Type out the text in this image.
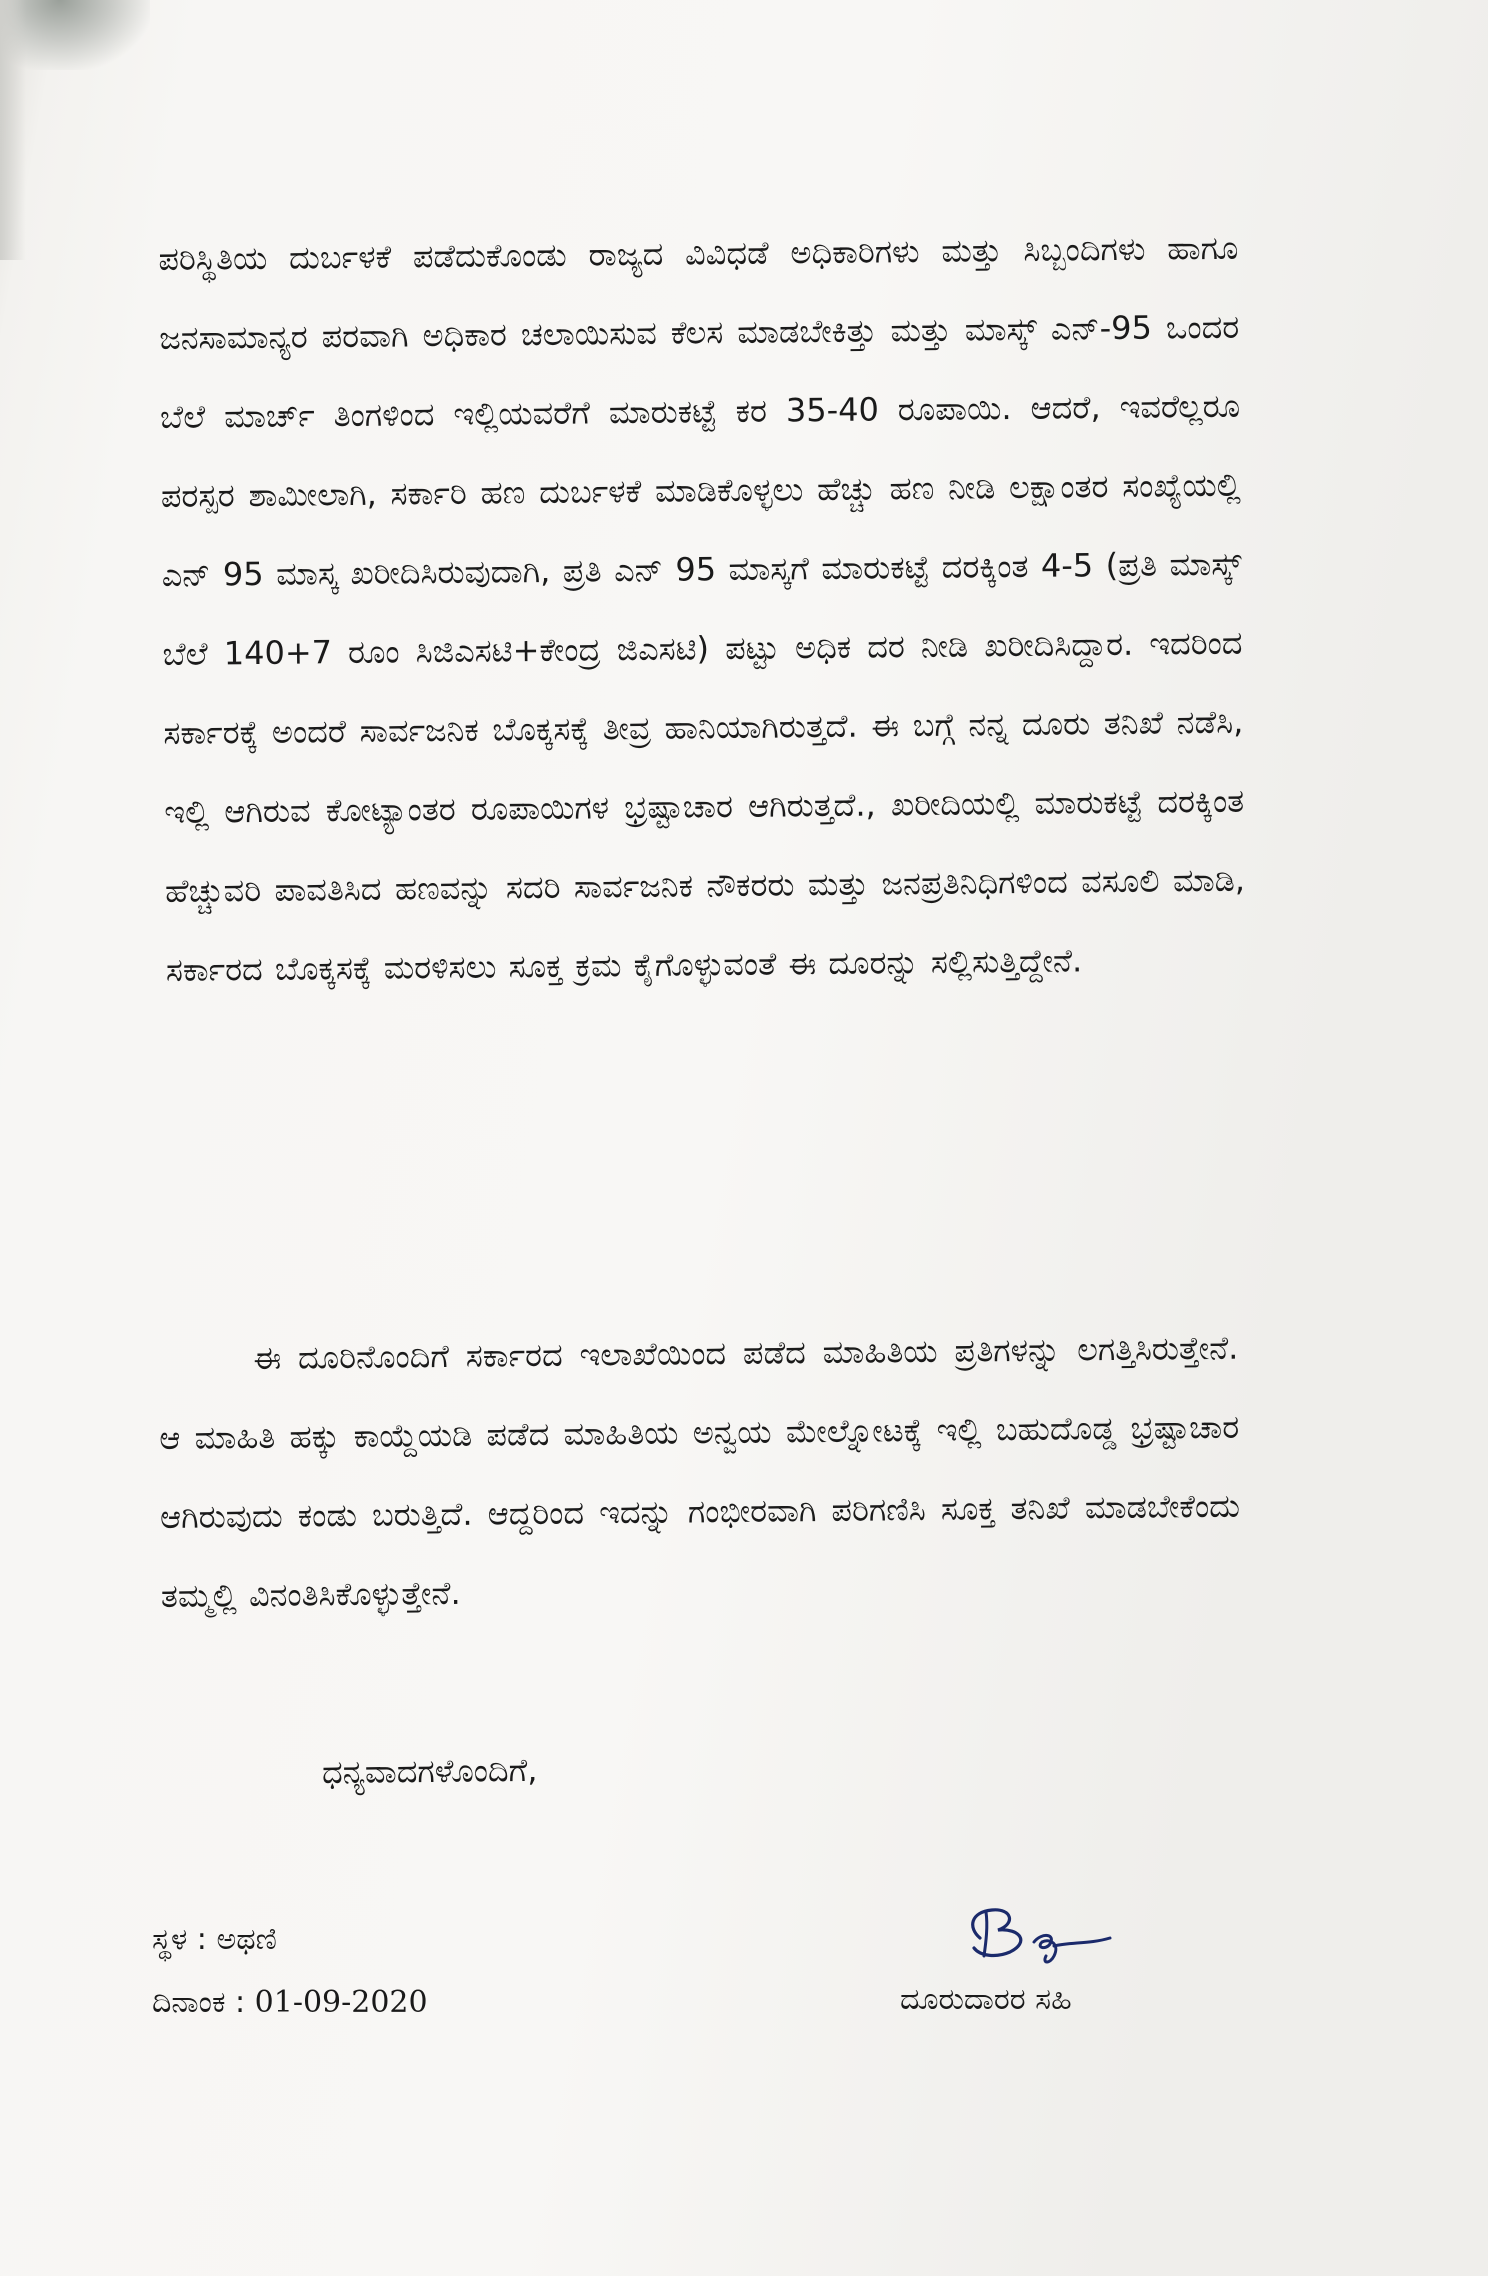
ಪರಿಸ್ಥಿತಿಯ ದುರ್ಬಳಕೆ ಪಡೆದುಕೊಂಡು ರಾಜ್ಯದ ವಿವಿಧಡೆ ಅಧಿಕಾರಿಗಳು ಮತ್ತು ಸಿಬ್ಬಂದಿಗಳು ಹಾಗೂ ಜನಸಾಮಾನ್ಯರ ಪರವಾಗಿ ಅಧಿಕಾರ ಚಲಾಯಿಸುವ ಕೆಲಸ ಮಾಡಬೇಕಿತ್ತು ಮತ್ತು ಮಾಸ್ಕ್ ಎನ್-95 ಒಂದರ ಬೆಲೆ ಮಾರ್ಚ್ ತಿಂಗಳಿಂದ ಇಲ್ಲಿಯವರೆಗೆ ಮಾರುಕಟ್ಟೆ ಕರ 35-40 ರೂಪಾಯಿ. ಆದರೆ, ಇವರೆಲ್ಲರೂ ಪರಸ್ಪರ ಶಾಮೀಲಾಗಿ, ಸರ್ಕಾರಿ ಹಣ ದುರ್ಬಳಕೆ ಮಾಡಿಕೊಳ್ಳಲು ಹೆಚ್ಚು ಹಣ ನೀಡಿ ಲಕ್ಷಾಂತರ ಸಂಖ್ಯೆಯಲ್ಲಿ ಎನ್ 95 ಮಾಸ್ಕ ಖರೀದಿಸಿರುವುದಾಗಿ, ಪ್ರತಿ ಎನ್ 95 ಮಾಸ್ಕಗೆ ಮಾರುಕಟ್ಟೆ ದರಕ್ಕಿಂತ 4-5 (ಪ್ರತಿ ಮಾಸ್ಕ್ ಬೆಲೆ 140+7 ರೂಂ ಸಿಜಿಎಸಟಿ+ಕೇಂದ್ರ ಜಿಎಸಟಿ) ಪಟ್ಟು ಅಧಿಕ ದರ ನೀಡಿ ಖರೀದಿಸಿದ್ದಾರ. ಇದರಿಂದ ಸರ್ಕಾರಕ್ಕೆ ಅಂದರೆ ಸಾರ್ವಜನಿಕ ಬೊಕ್ಕಸಕ್ಕೆ ತೀವ್ರ ಹಾನಿಯಾಗಿರುತ್ತದೆ. ಈ ಬಗ್ಗೆ ನನ್ನ ದೂರು ತನಿಖೆ ನಡೆಸಿ, ಇಲ್ಲಿ ಆಗಿರುವ ಕೋಟ್ಯಾಂತರ ರೂಪಾಯಿಗಳ ಭ್ರಷ್ಟಾಚಾರ ಆಗಿರುತ್ತದೆ., ಖರೀದಿಯಲ್ಲಿ ಮಾರುಕಟ್ಟೆ ದರಕ್ಕಿಂತ ಹೆಚ್ಚುವರಿ ಪಾವತಿಸಿದ ಹಣವನ್ನು ಸದರಿ ಸಾರ್ವಜನಿಕ ನೌಕರರು ಮತ್ತು ಜನಪ್ರತಿನಿಧಿಗಳಿಂದ ವಸೂಲಿ ಮಾಡಿ, ಸರ್ಕಾರದ ಬೊಕ್ಕಸಕ್ಕೆ ಮರಳಿಸಲು ಸೂಕ್ತ ಕ್ರಮ ಕೈಗೊಳ್ಳುವಂತೆ ಈ ದೂರನ್ನು ಸಲ್ಲಿಸುತ್ತಿದ್ದೇನೆ.

ಈ ದೂರಿನೊಂದಿಗೆ ಸರ್ಕಾರದ ಇಲಾಖೆಯಿಂದ ಪಡೆದ ಮಾಹಿತಿಯ ಪ್ರತಿಗಳನ್ನು ಲಗತ್ತಿಸಿರುತ್ತೇನೆ. ಆ ಮಾಹಿತಿ ಹಕ್ಕು ಕಾಯ್ದೆಯಡಿ ಪಡೆದ ಮಾಹಿತಿಯ ಅನ್ವಯ ಮೇಲ್ನೋಟಕ್ಕೆ ಇಲ್ಲಿ ಬಹುದೊಡ್ಡ ಭ್ರಷ್ಟಾಚಾರ ಆಗಿರುವುದು ಕಂಡು ಬರುತ್ತಿದೆ. ಆದ್ದರಿಂದ ಇದನ್ನು ಗಂಭೀರವಾಗಿ ಪರಿಗಣಿಸಿ ಸೂಕ್ತ ತನಿಖೆ ಮಾಡಬೇಕೆಂದು ತಮ್ಮಲ್ಲಿ ವಿನಂತಿಸಿಕೊಳ್ಳುತ್ತೇನೆ.

ಧನ್ಯವಾದಗಳೊಂದಿಗೆ,
ಸ್ಥಳ : ಅಥಣಿ
ದಿನಾಂಕ : 01-09-2020	ದೂರುದಾರರ ಸಹಿ
